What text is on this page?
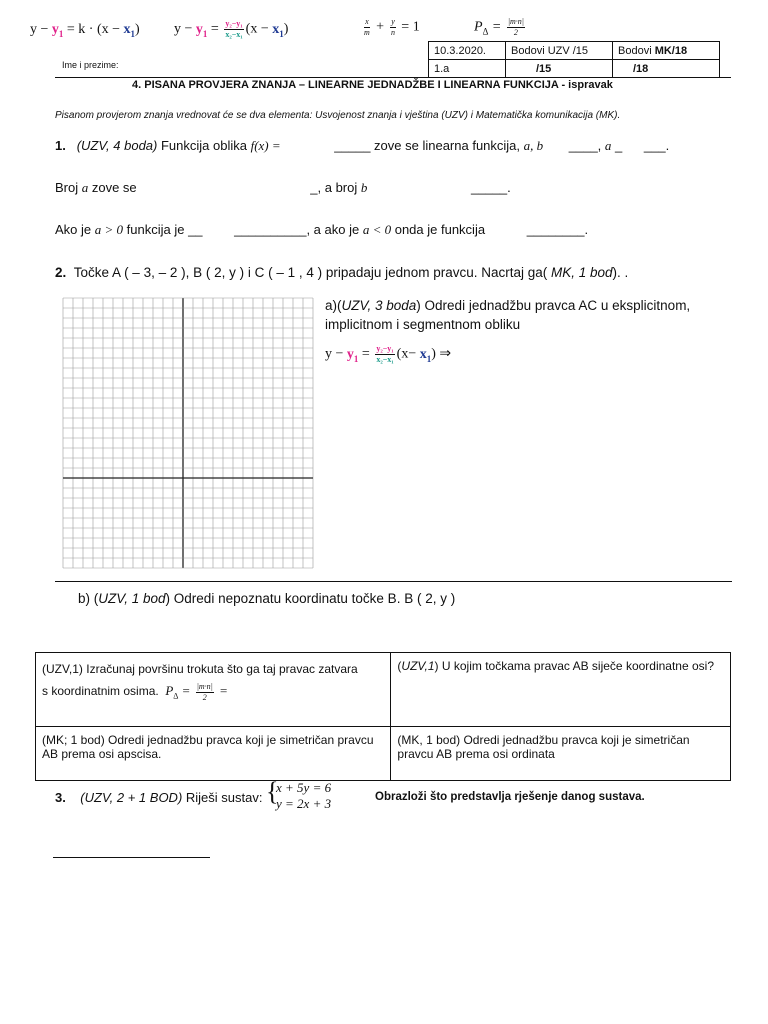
$y - y_1 = k \cdot (x - x_1) y - y_1 = \frac{\text{y₂−y₁}}{\text{x₂−x₁}} (x - x_1)$	$\frac{x}{m} + \frac{y}{n} = 1$	$P_\Delta = \frac{|m\cdot n|}{2}$
Ime i prezime:
10.3.2020.	Bodovi UZV /15	Bodovi MK/18
1.a	/15	/18
4. PISANA PROVJERA ZNANJA – LINEARNE JEDNADŽBE I LINEARNA FUNKCIJA - ispravak
Pisanom provjerom znanja vrednovat će se dva elementa: Usvojenost znanja i vještina (UZV) i Matematička komunikacija (MK).
1. (UZV, 4 boda) Funkcija oblika f(x) =	_____ zove se linearna funkcija, a, b ____, a _      ___.
Broj a zove se	_, a broj b	_____.
Ako je a > 0 funkcija je __ __________, a ako je a < 0 onda je funkcija	________.
2. Točke A ( – 3, – 2 ), B ( 2, y ) i C ( – 1 , 4 ) pripadaju jednom pravcu. Nacrtaj ga( MK, 1 bod). .
a)(UZV, 3 boda) Odredi jednadžbu pravca AC u eksplicitnom,
implicitnom i segmentnom obliku
$y - y_1 = \frac{\text{y₂−y₁}}{\text{x₂−x₁}} (x- x_1)$ ⇒
b) (UZV, 1 bod) Odredi nepoznatu koordinatu točke B. B ( 2, y )
(UZV,1) Izračunaj površinu trokuta što ga taj pravac zatvara
s koordinatnim osima. $P_\Delta = \frac{|m\cdot n|}{2}$ =	(UZV,1) U kojim točkama pravac AB siječe koordinatne osi?
(MK; 1 bod) Odredi jednadžbu pravca koji je simetričan pravcu AB prema osi apscisa.	(MK, 1 bod) Odredi jednadžbu pravca koji je simetričan pravcu AB prema osi ordinata
3. (UZV, 2 + 1 BOD) Riješi sustav: {
x + 5y = 6
y = 2x + 3	Obrazloži što predstavlja rješenje danog sustava.
